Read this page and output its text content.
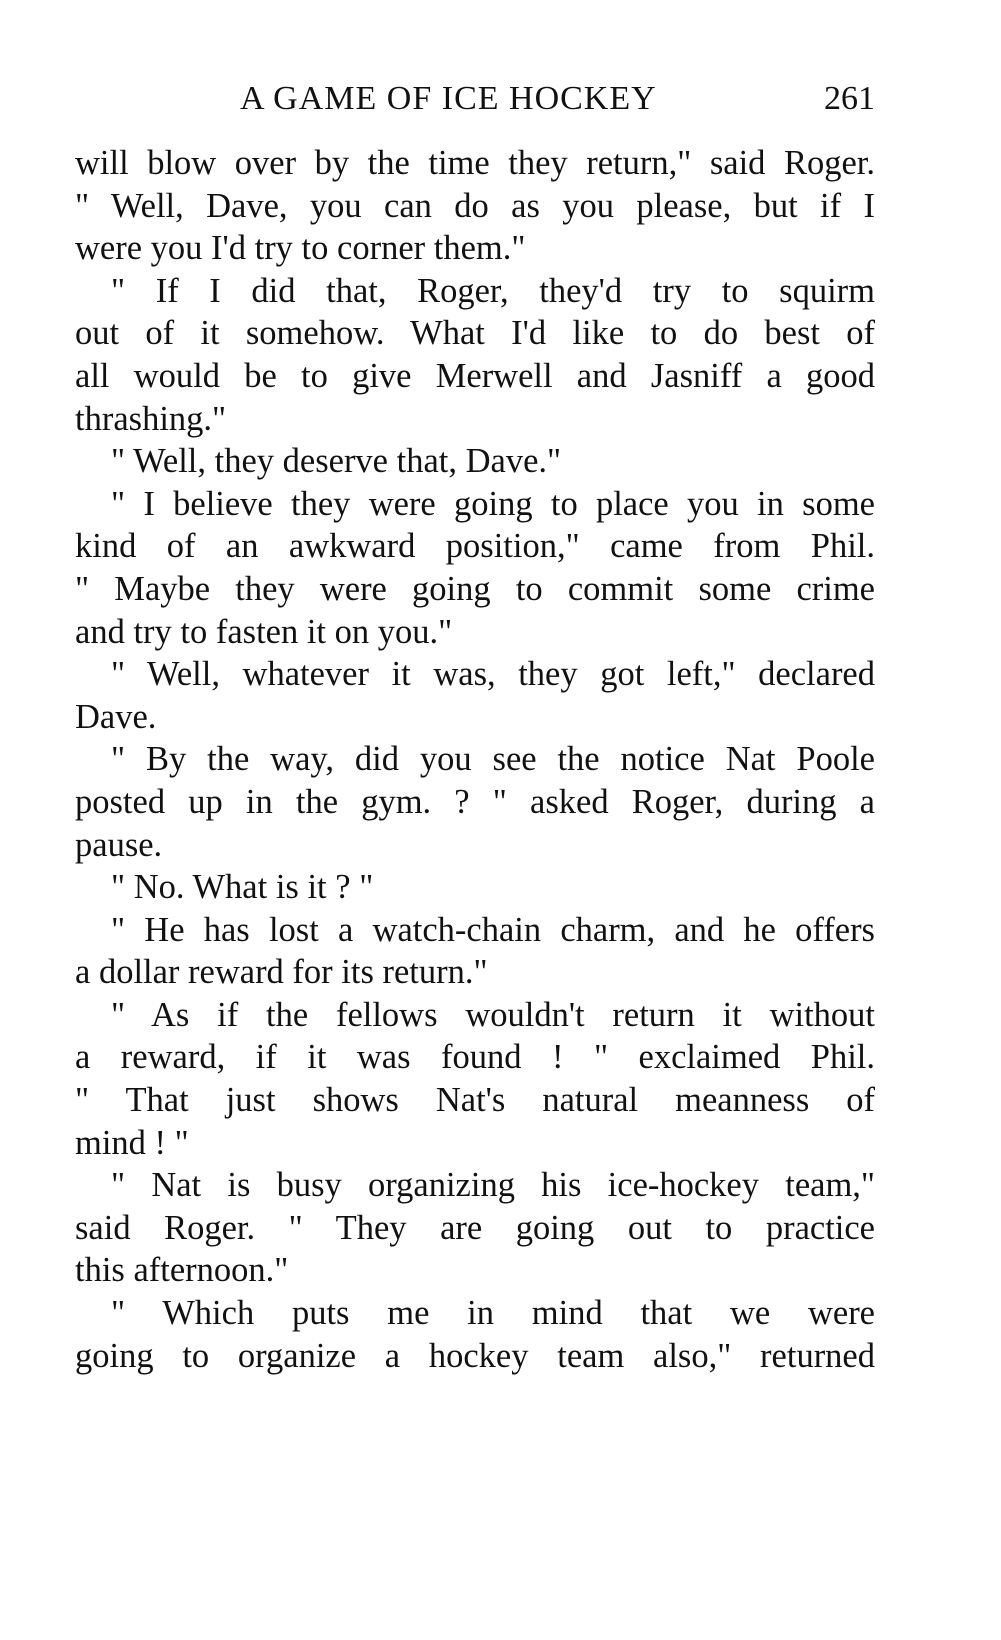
A GAME OF ICE HOCKEY	261
will blow over by the time they return," said Roger.
" Well, Dave, you can do as you please, but if I
were you I'd try to corner them."
" If I did that, Roger, they'd try to squirm
out of it somehow. What I'd like to do best of
all would be to give Merwell and Jasniff a good
thrashing."
" Well, they deserve that, Dave."
" I believe they were going to place you in some
kind of an awkward position," came from Phil.
" Maybe they were going to commit some crime
and try to fasten it on you."
" Well, whatever it was, they got left," declared
Dave.
" By the way, did you see the notice Nat Poole
posted up in the gym. ? " asked Roger, during a
pause.
" No. What is it ? "
" He has lost a watch-chain charm, and he offers
a dollar reward for its return."
" As if the fellows wouldn't return it without
a reward, if it was found ! " exclaimed Phil.
" That just shows Nat's natural meanness of
mind ! "
" Nat is busy organizing his ice-hockey team,"
said Roger. " They are going out to practice
this afternoon."
" Which puts me in mind that we were
going to organize a hockey team also," returned
